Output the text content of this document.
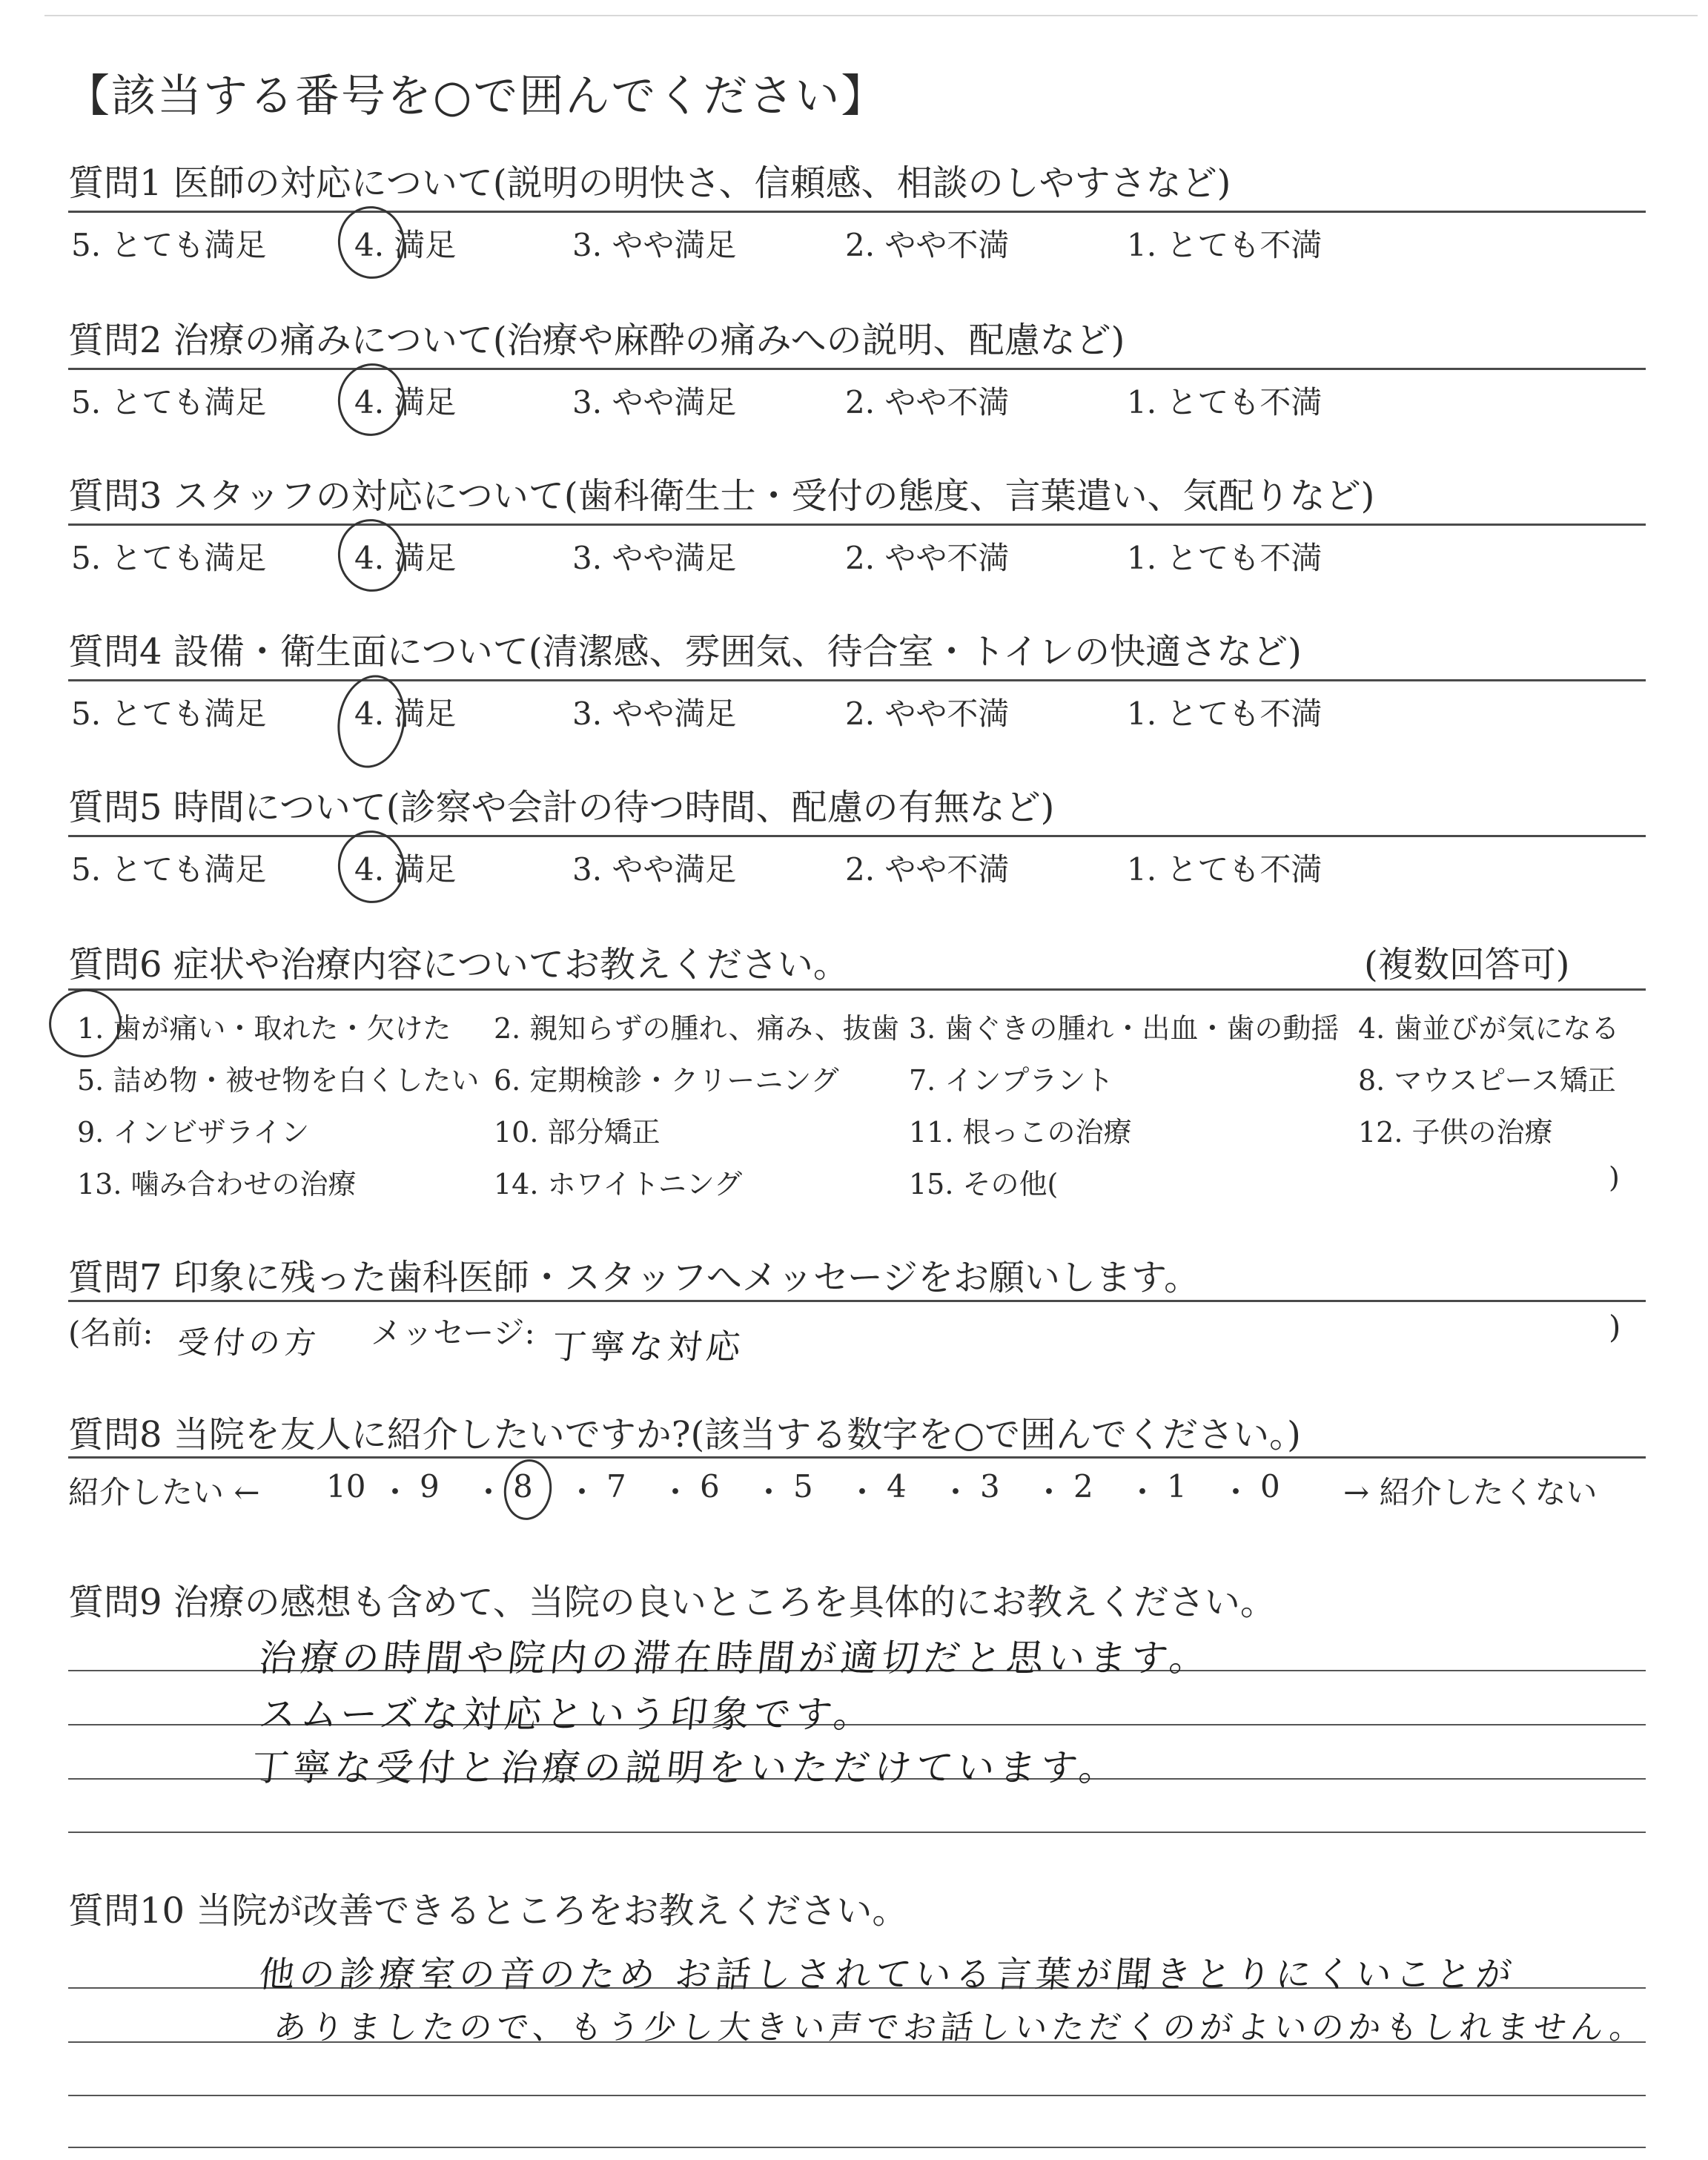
【該当する番号を○で囲んでください】
質問6 症状や治療内容についてお教えください。	(複数回答可)
質問7 印象に残った歯科医師・スタッフへメッセージをお願いします。
(名前: 受付の方 メッセージ: 丁寧な対応	)
質問8 当院を友人に紹介したいですか?(該当する数字を○で囲んでください。)
紹介したい ←	→ 紹介したくない
質問9 治療の感想も含めて、当院の良いところを具体的にお教えください。
質問10 当院が改善できるところをお教えください。
質問1 医師の対応について(説明の明快さ、信頼感、相談のしやすさなど)
5. とても満足	4. 満足	3. やや満足	2. やや不満	1. とても不満
質問2 治療の痛みについて(治療や麻酔の痛みへの説明、配慮など)
5. とても満足	4. 満足	3. やや満足	2. やや不満	1. とても不満
質問3 スタッフの対応について(歯科衛生士・受付の態度、言葉遣い、気配りなど)
5. とても満足	4. 満足	3. やや満足	2. やや不満	1. とても不満
質問4 設備・衛生面について(清潔感、雰囲気、待合室・トイレの快適さなど)
5. とても満足	4. 満足	3. やや満足	2. やや不満	1. とても不満
質問5 時間について(診察や会計の待つ時間、配慮の有無など)
5. とても満足	4. 満足	3. やや満足	2. やや不満	1. とても不満
1. 歯が痛い・取れた・欠けた 2. 親知らずの腫れ、痛み、抜歯 3. 歯ぐきの腫れ・出血・歯の動揺 4. 歯並びが気になる
5. 詰め物・被せ物を白くしたい 6. 定期検診・クリーニング 7. インプラント	8. マウスピース矯正
9. インビザライン	10. 部分矯正	11. 根っこの治療	12. 子供の治療
13. 噛み合わせの治療	14. ホワイトニング	15. その他(	)
10 ・ 9 ・ 8 ・ 7 ・ 6 ・ 5 ・ 4 ・ 3 ・ 2 ・ 1 ・ 0
治療の時間や院内の滞在時間が適切だと思います。
スムーズな対応という印象です。
丁寧な受付と治療の説明をいただけています。
他の診療室の音のため お話しされている言葉が聞きとりにくいことが
ありましたので、もう少し大きい声でお話しいただくのがよいのかもしれません。
